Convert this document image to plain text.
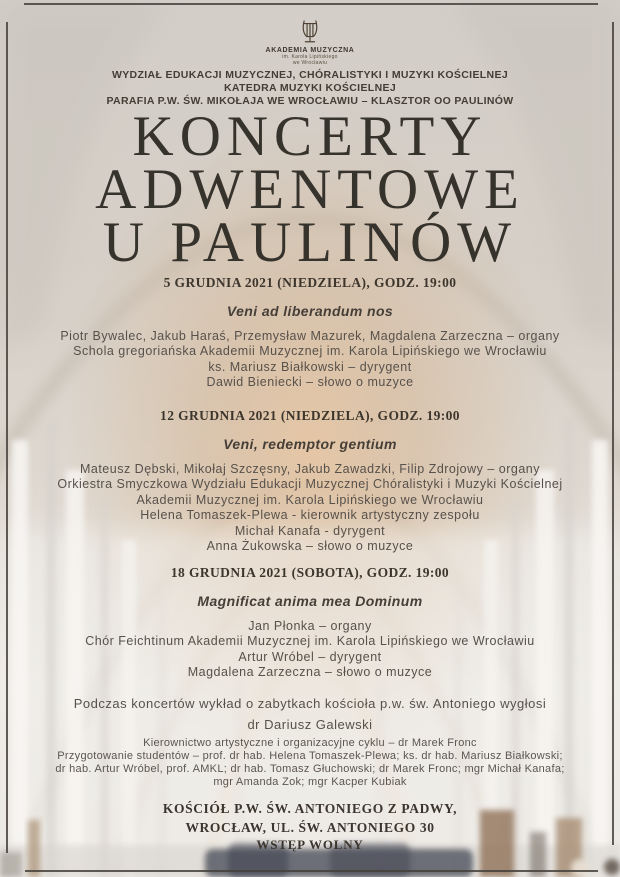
AKADEMIA MUZYCZNA
im. Karola Lipińskiego
we Wrocławiu
WYDZIAŁ EDUKACJI MUZYCZNEJ, CHÓRALISTYKI I MUZYKI KOŚCIELNEJ
KATEDRA MUZYKI KOŚCIELNEJ
PARAFIA P.W. ŚW. MIKOŁAJA WE WROCŁAWIU – KLASZTOR OO PAULINÓW
KONCERTY
ADWENTOWE
U PAULINÓW
5 GRUDNIA 2021 (NIEDZIELA), GODZ. 19:00

Veni ad liberandum nos

Piotr Bywalec, Jakub Haraś, Przemysław Mazurek, Magdalena Zarzeczna – organy
Schola gregoriańska Akademii Muzycznej im. Karola Lipińskiego we Wrocławiu
ks. Mariusz Białkowski – dyrygent
Dawid Bieniecki – słowo o muzyce
12 GRUDNIA 2021 (NIEDZIELA), GODZ. 19:00

Veni, redemptor gentium

Mateusz Dębski, Mikołaj Szczęsny, Jakub Zawadzki, Filip Zdrojowy – organy
Orkiestra Smyczkowa Wydziału Edukacji Muzycznej Chóralistyki i Muzyki Kościelnej
Akademii Muzycznej im. Karola Lipińskiego we Wrocławiu
Helena Tomaszek-Plewa - kierownik artystyczny zespołu
Michał Kanafa - dyrygent
Anna Żukowska – słowo o muzyce
18 GRUDNIA 2021 (SOBOTA), GODZ. 19:00

Magnificat anima mea Dominum

Jan Płonka – organy
Chór Feichtinum Akademii Muzycznej im. Karola Lipińskiego we Wrocławiu
Artur Wróbel – dyrygent
Magdalena Zarzeczna – słowo o muzyce
Podczas koncertów wykład o zabytkach kościoła p.w. św. Antoniego wygłosi
dr Dariusz Galewski
Kierownictwo artystyczne i organizacyjne cyklu – dr Marek Fronc
Przygotowanie studentów – prof. dr hab. Helena Tomaszek-Plewa; ks. dr hab. Mariusz Białkowski;
dr hab. Artur Wróbel, prof. AMKL; dr hab. Tomasz Głuchowski; dr Marek Fronc; mgr Michał Kanafa;
mgr Amanda Zok; mgr Kacper Kubiak
KOŚCIÓŁ P.W. ŚW. ANTONIEGO Z PADWY,
WROCŁAW, UL. ŚW. ANTONIEGO 30
WSTĘP WOLNY
